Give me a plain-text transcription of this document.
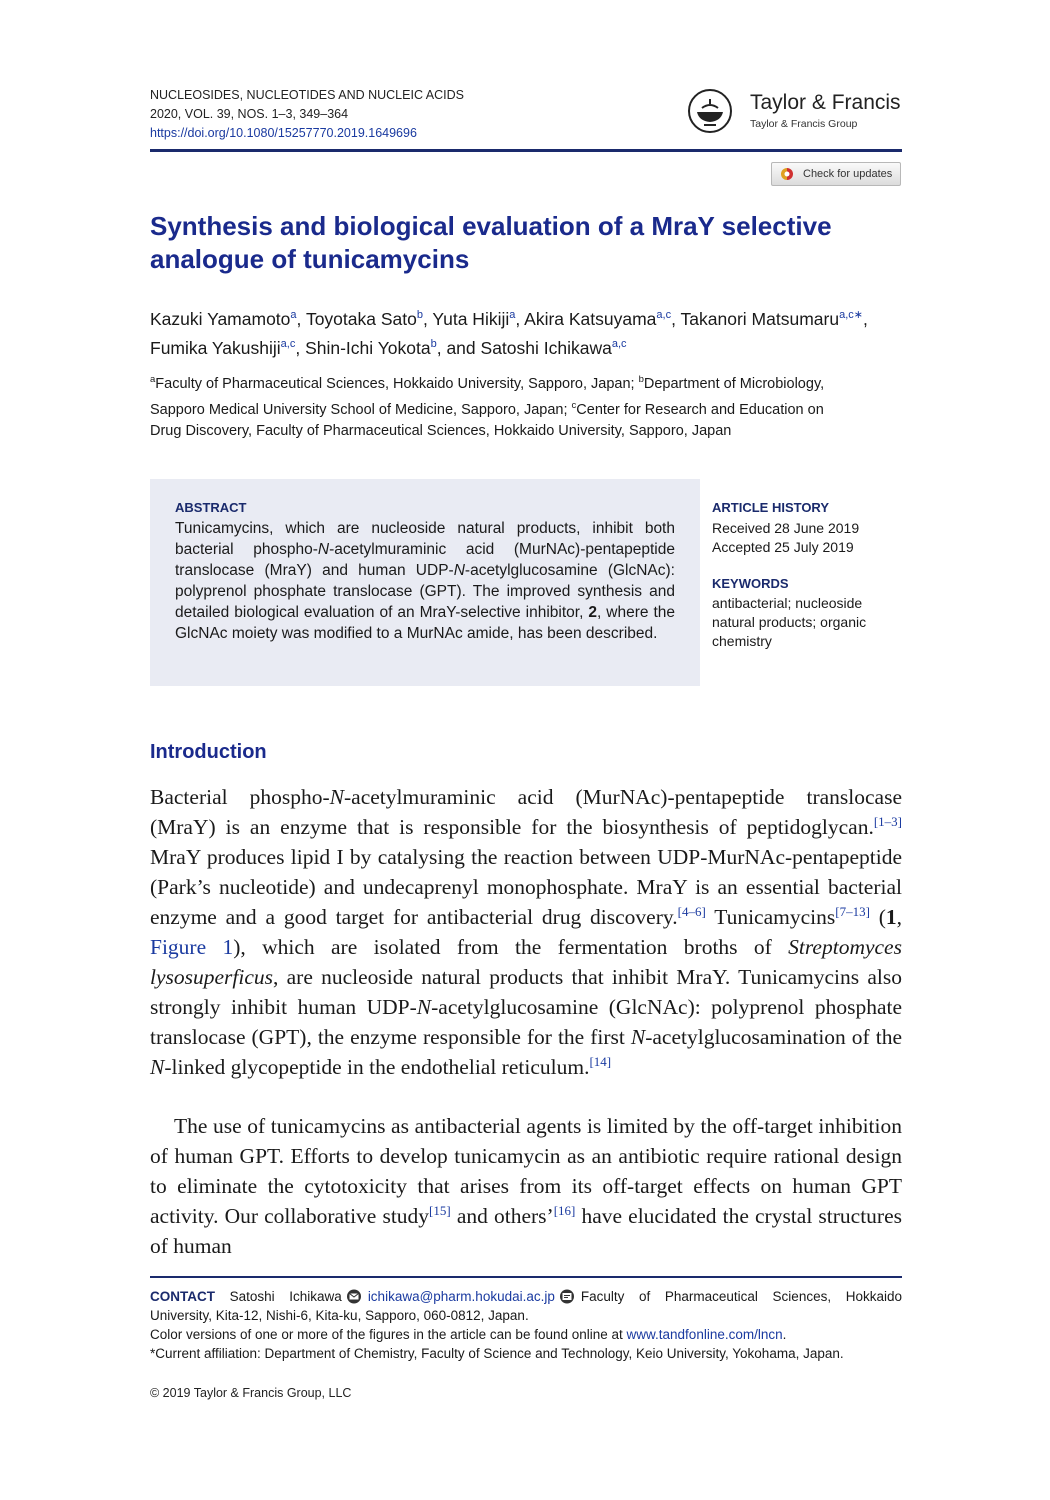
NUCLEOSIDES, NUCLEOTIDES AND NUCLEIC ACIDS
2020, VOL. 39, NOS. 1–3, 349–364
https://doi.org/10.1080/15257770.2019.1649696
Taylor & Francis
Taylor & Francis Group
Check for updates
Synthesis and biological evaluation of a MraY selective analogue of tunicamycins
Kazuki Yamamoto$^a$, Toyotaka Sato$^b$, Yuta Hikiji$^a$, Akira Katsuyama$^{a,c}$, Takanori Matsumaru$^{a,c∗}$, Fumika Yakushiji$^{a,c}$, Shin-Ichi Yokota$^b$, and Satoshi Ichikawa$^{a,c}$
$^a$Faculty of Pharmaceutical Sciences, Hokkaido University, Sapporo, Japan; $^b$Department of Microbiology, Sapporo Medical University School of Medicine, Sapporo, Japan; $^c$Center for Research and Education on Drug Discovery, Faculty of Pharmaceutical Sciences, Hokkaido University, Sapporo, Japan
ABSTRACT
Tunicamycins, which are nucleoside natural products, inhibit both bacterial phospho-N-acetylmuraminic acid (MurNAc)-pentapeptide translocase (MraY) and human UDP-N-acetylglucosamine (GlcNAc): polyprenol phosphate translocase (GPT). The improved synthesis and detailed biological evaluation of an MraY-selective inhibitor, 2, where the GlcNAc moiety was modified to a MurNAc amide, has been described.
ARTICLE HISTORY
Received 28 June 2019
Accepted 25 July 2019
KEYWORDS
antibacterial; nucleoside natural products; organic chemistry
Introduction
Bacterial phospho-N-acetylmuraminic acid (MurNAc)-pentapeptide translocase (MraY) is an enzyme that is responsible for the biosynthesis of peptidoglycan.[1–3] MraY produces lipid I by catalysing the reaction between UDP-MurNAc-pentapeptide (Park’s nucleotide) and undecaprenyl monophosphate. MraY is an essential bacterial enzyme and a good target for antibacterial drug discovery.[4–6] Tunicamycins[7–13] (1, Figure 1), which are isolated from the fermentation broths of Streptomyces lysosuperficus, are nucleoside natural products that inhibit MraY. Tunicamycins also strongly inhibit human UDP-N-acetylglucosamine (GlcNAc): polyprenol phosphate translocase (GPT), the enzyme responsible for the first N-acetylglucosamination of the N-linked glycopeptide in the endothelial reticulum.[14]
The use of tunicamycins as antibacterial agents is limited by the off-target inhibition of human GPT. Efforts to develop tunicamycin as an antibiotic require rational design to eliminate the cytotoxicity that arises from its off-target effects on human GPT activity. Our collaborative study[15] and others’[16] have elucidated the crystal structures of human
CONTACT Satoshi Ichikawa ichikawa@pharm.hokudai.ac.jp Faculty of Pharmaceutical Sciences, Hokkaido University, Kita-12, Nishi-6, Kita-ku, Sapporo, 060-0812, Japan.
Color versions of one or more of the figures in the article can be found online at www.tandfonline.com/lncn.
*Current affiliation: Department of Chemistry, Faculty of Science and Technology, Keio University, Yokohama, Japan.
© 2019 Taylor & Francis Group, LLC
